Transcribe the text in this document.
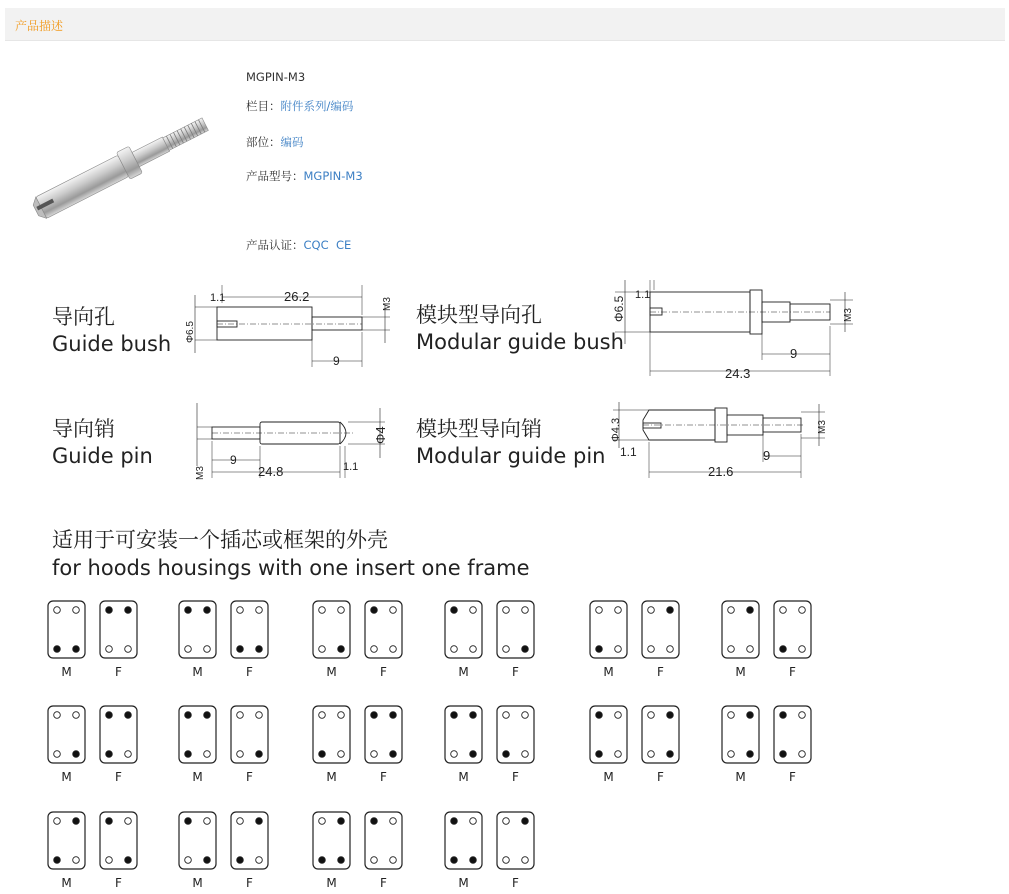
产品描述
MGPIN-M3
栏目：附件系列/编码
部位：编码
产品型号：MGPIN-M3
产品认证：CQC CE
导向孔
Guide bush
模块型导向孔
Modular guide bush
导向销
Guide pin
模块型导向销
Modular guide pin
1.1	26.2
M3
Φ6.5
9
Φ6.5
1.1
M3
9
24.3
Φ4
M3
9
24.8	1.1
Φ4.3
1.1
M3
9
21.6
适用于可安装一个插芯或框架的外壳
for hoods housings with one insert one frame
M	F	M	F	M	F	M	F	M	F	M	F
M	F	M	F	M	F	M	F	M	F	M	F
M	F	M	F	M	F	M	F
